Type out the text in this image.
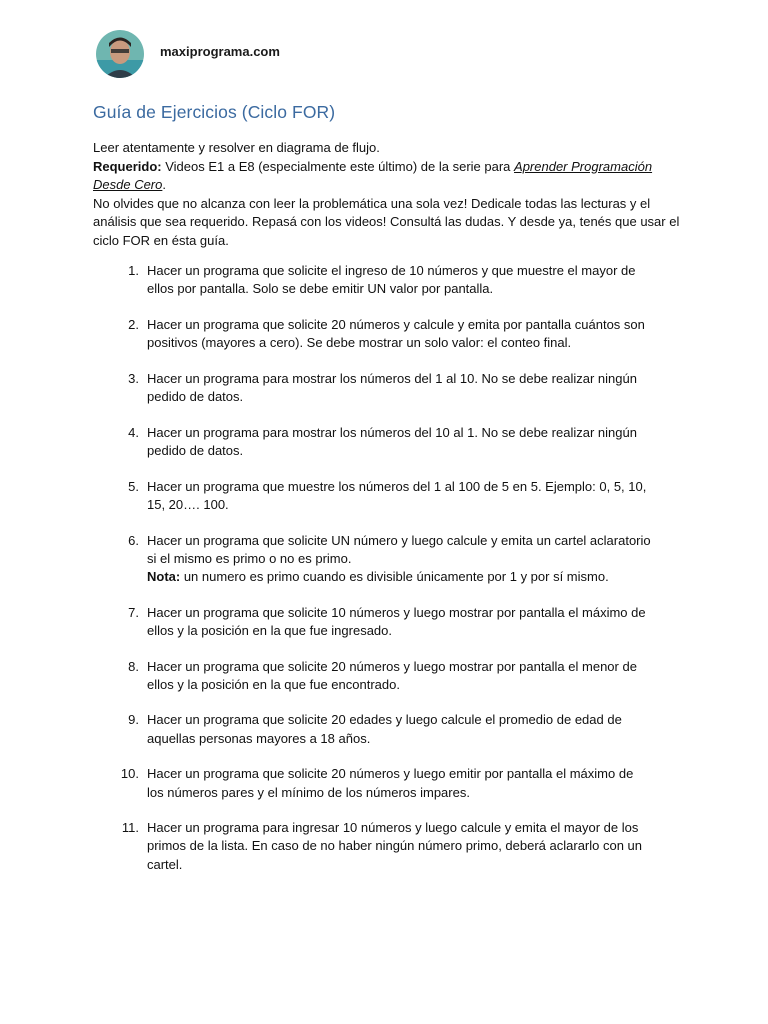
maxiprograma.com
Guía de Ejercicios (Ciclo FOR)

Leer atentamente y resolver en diagrama de flujo.

Requerido: Videos E1 a E8 (especialmente este último) de la serie para Aprender Programación Desde Cero.

No olvides que no alcanza con leer la problemática una sola vez! Dedicale todas las lecturas y el análisis que sea requerido. Repasá con los videos! Consultá las dudas. Y desde ya, tenés que usar el ciclo FOR en ésta guía.

1. Hacer un programa que solicite el ingreso de 10 números y que muestre el mayor de ellos por pantalla. Solo se debe emitir UN valor por pantalla.
2. Hacer un programa que solicite 20 números y calcule y emita por pantalla cuántos son positivos (mayores a cero). Se debe mostrar un solo valor: el conteo final.
3. Hacer un programa para mostrar los números del 1 al 10. No se debe realizar ningún pedido de datos.
4. Hacer un programa para mostrar los números del 10 al 1. No se debe realizar ningún pedido de datos.
5. Hacer un programa que muestre los números del 1 al 100 de 5 en 5. Ejemplo: 0, 5, 10, 15, 20…. 100.
6. Hacer un programa que solicite UN número y luego calcule y emita un cartel aclaratorio si el mismo es primo o no es primo.
Nota: un numero es primo cuando es divisible únicamente por 1 y por sí mismo.
7. Hacer un programa que solicite 10 números y luego mostrar por pantalla el máximo de ellos y la posición en la que fue ingresado.
8. Hacer un programa que solicite 20 números y luego mostrar por pantalla el menor de ellos y la posición en la que fue encontrado.
9. Hacer un programa que solicite 20 edades y luego calcule el promedio de edad de aquellas personas mayores a 18 años.
10. Hacer un programa que solicite 20 números y luego emitir por pantalla el máximo de los números pares y el mínimo de los números impares.
11. Hacer un programa para ingresar 10 números y luego calcule y emita el mayor de los primos de la lista. En caso de no haber ningún número primo, deberá aclararlo con un cartel.
